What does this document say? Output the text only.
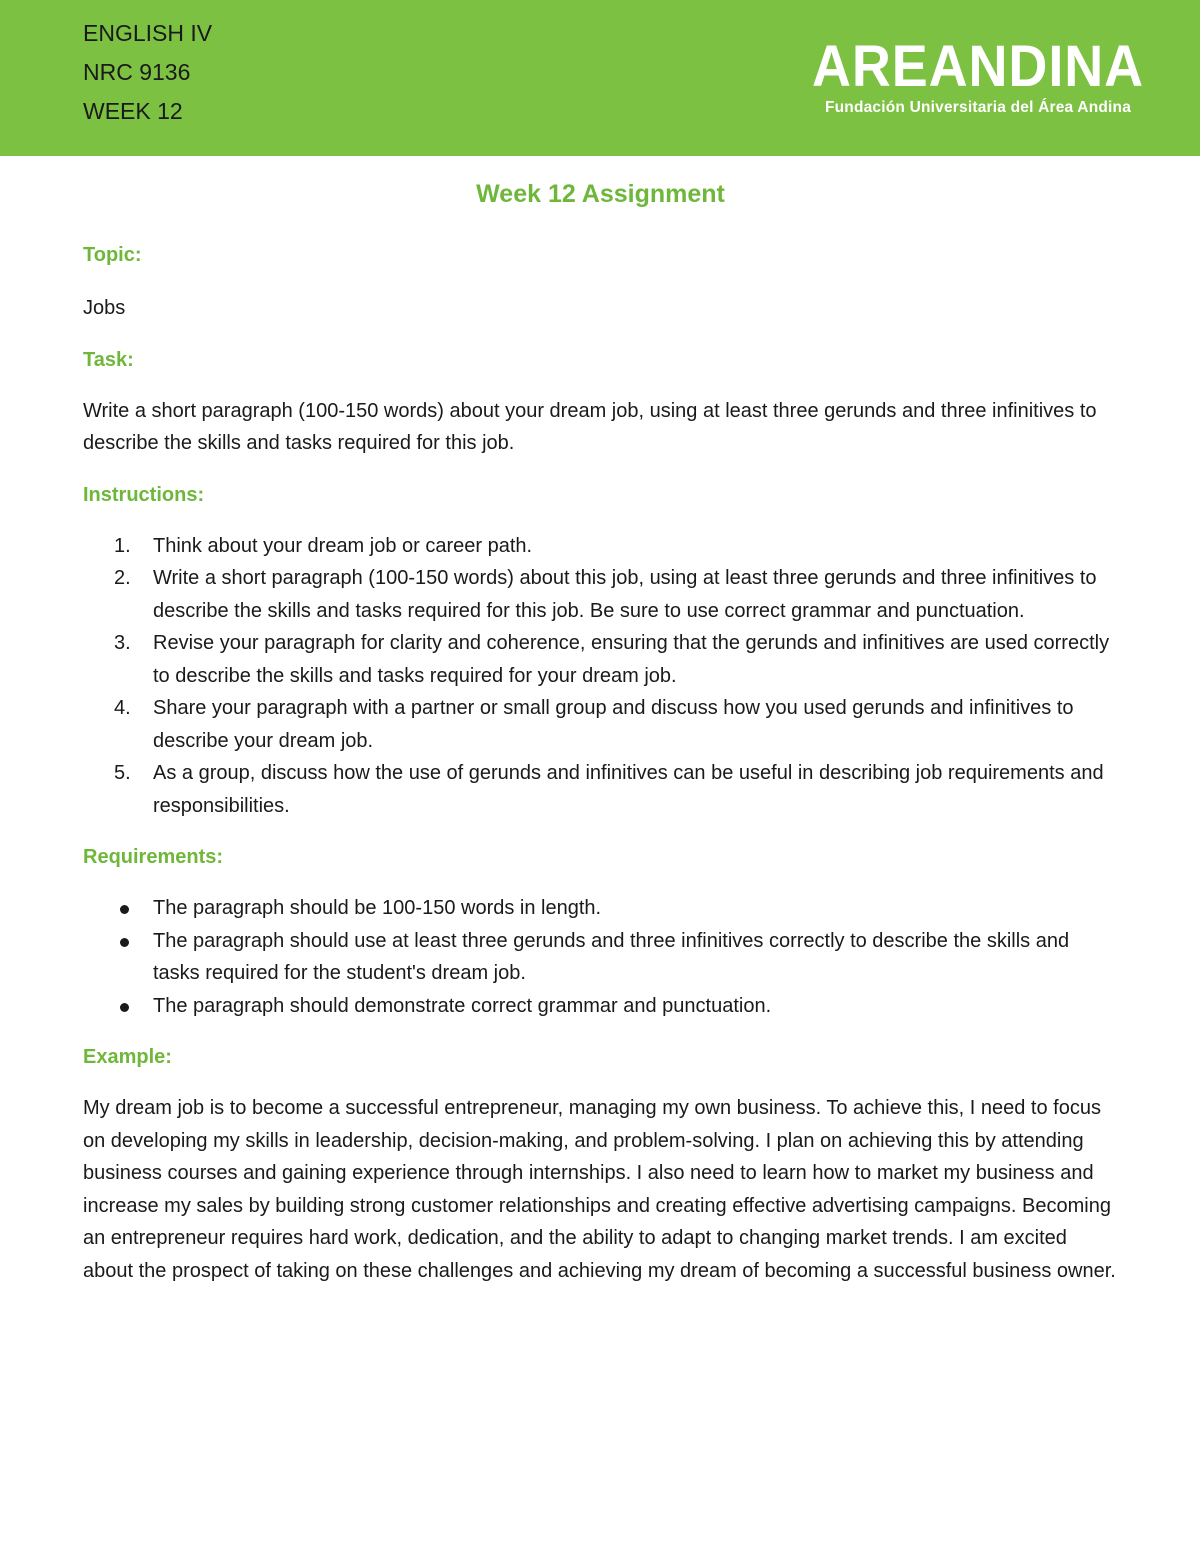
ENGLISH IV
NRC 9136
WEEK 12
AREANDINA
Fundación Universitaria del Área Andina
Week 12 Assignment
Topic:

Jobs

Task:

Write a short paragraph (100-150 words) about your dream job, using at least three gerunds and three infinitives to describe the skills and tasks required for this job.

Instructions:
1.	Think about your dream job or career path.
2.	Write a short paragraph (100-150 words) about this job, using at least three gerunds and three infinitives to describe the skills and tasks required for this job. Be sure to use correct grammar and punctuation.
3.	Revise your paragraph for clarity and coherence, ensuring that the gerunds and infinitives are used correctly to describe the skills and tasks required for your dream job.
4.	Share your paragraph with a partner or small group and discuss how you used gerunds and infinitives to describe your dream job.
5.	As a group, discuss how the use of gerunds and infinitives can be useful in describing job requirements and responsibilities.
Requirements:
The paragraph should be 100-150 words in length.
The paragraph should use at least three gerunds and three infinitives correctly to describe the skills and tasks required for the student's dream job.
The paragraph should demonstrate correct grammar and punctuation.
Example:

My dream job is to become a successful entrepreneur, managing my own business. To achieve this, I need to focus on developing my skills in leadership, decision-making, and problem-solving. I plan on achieving this by attending business courses and gaining experience through internships. I also need to learn how to market my business and increase my sales by building strong customer relationships and creating effective advertising campaigns. Becoming an entrepreneur requires hard work, dedication, and the ability to adapt to changing market trends. I am excited about the prospect of taking on these challenges and achieving my dream of becoming a successful business owner.
